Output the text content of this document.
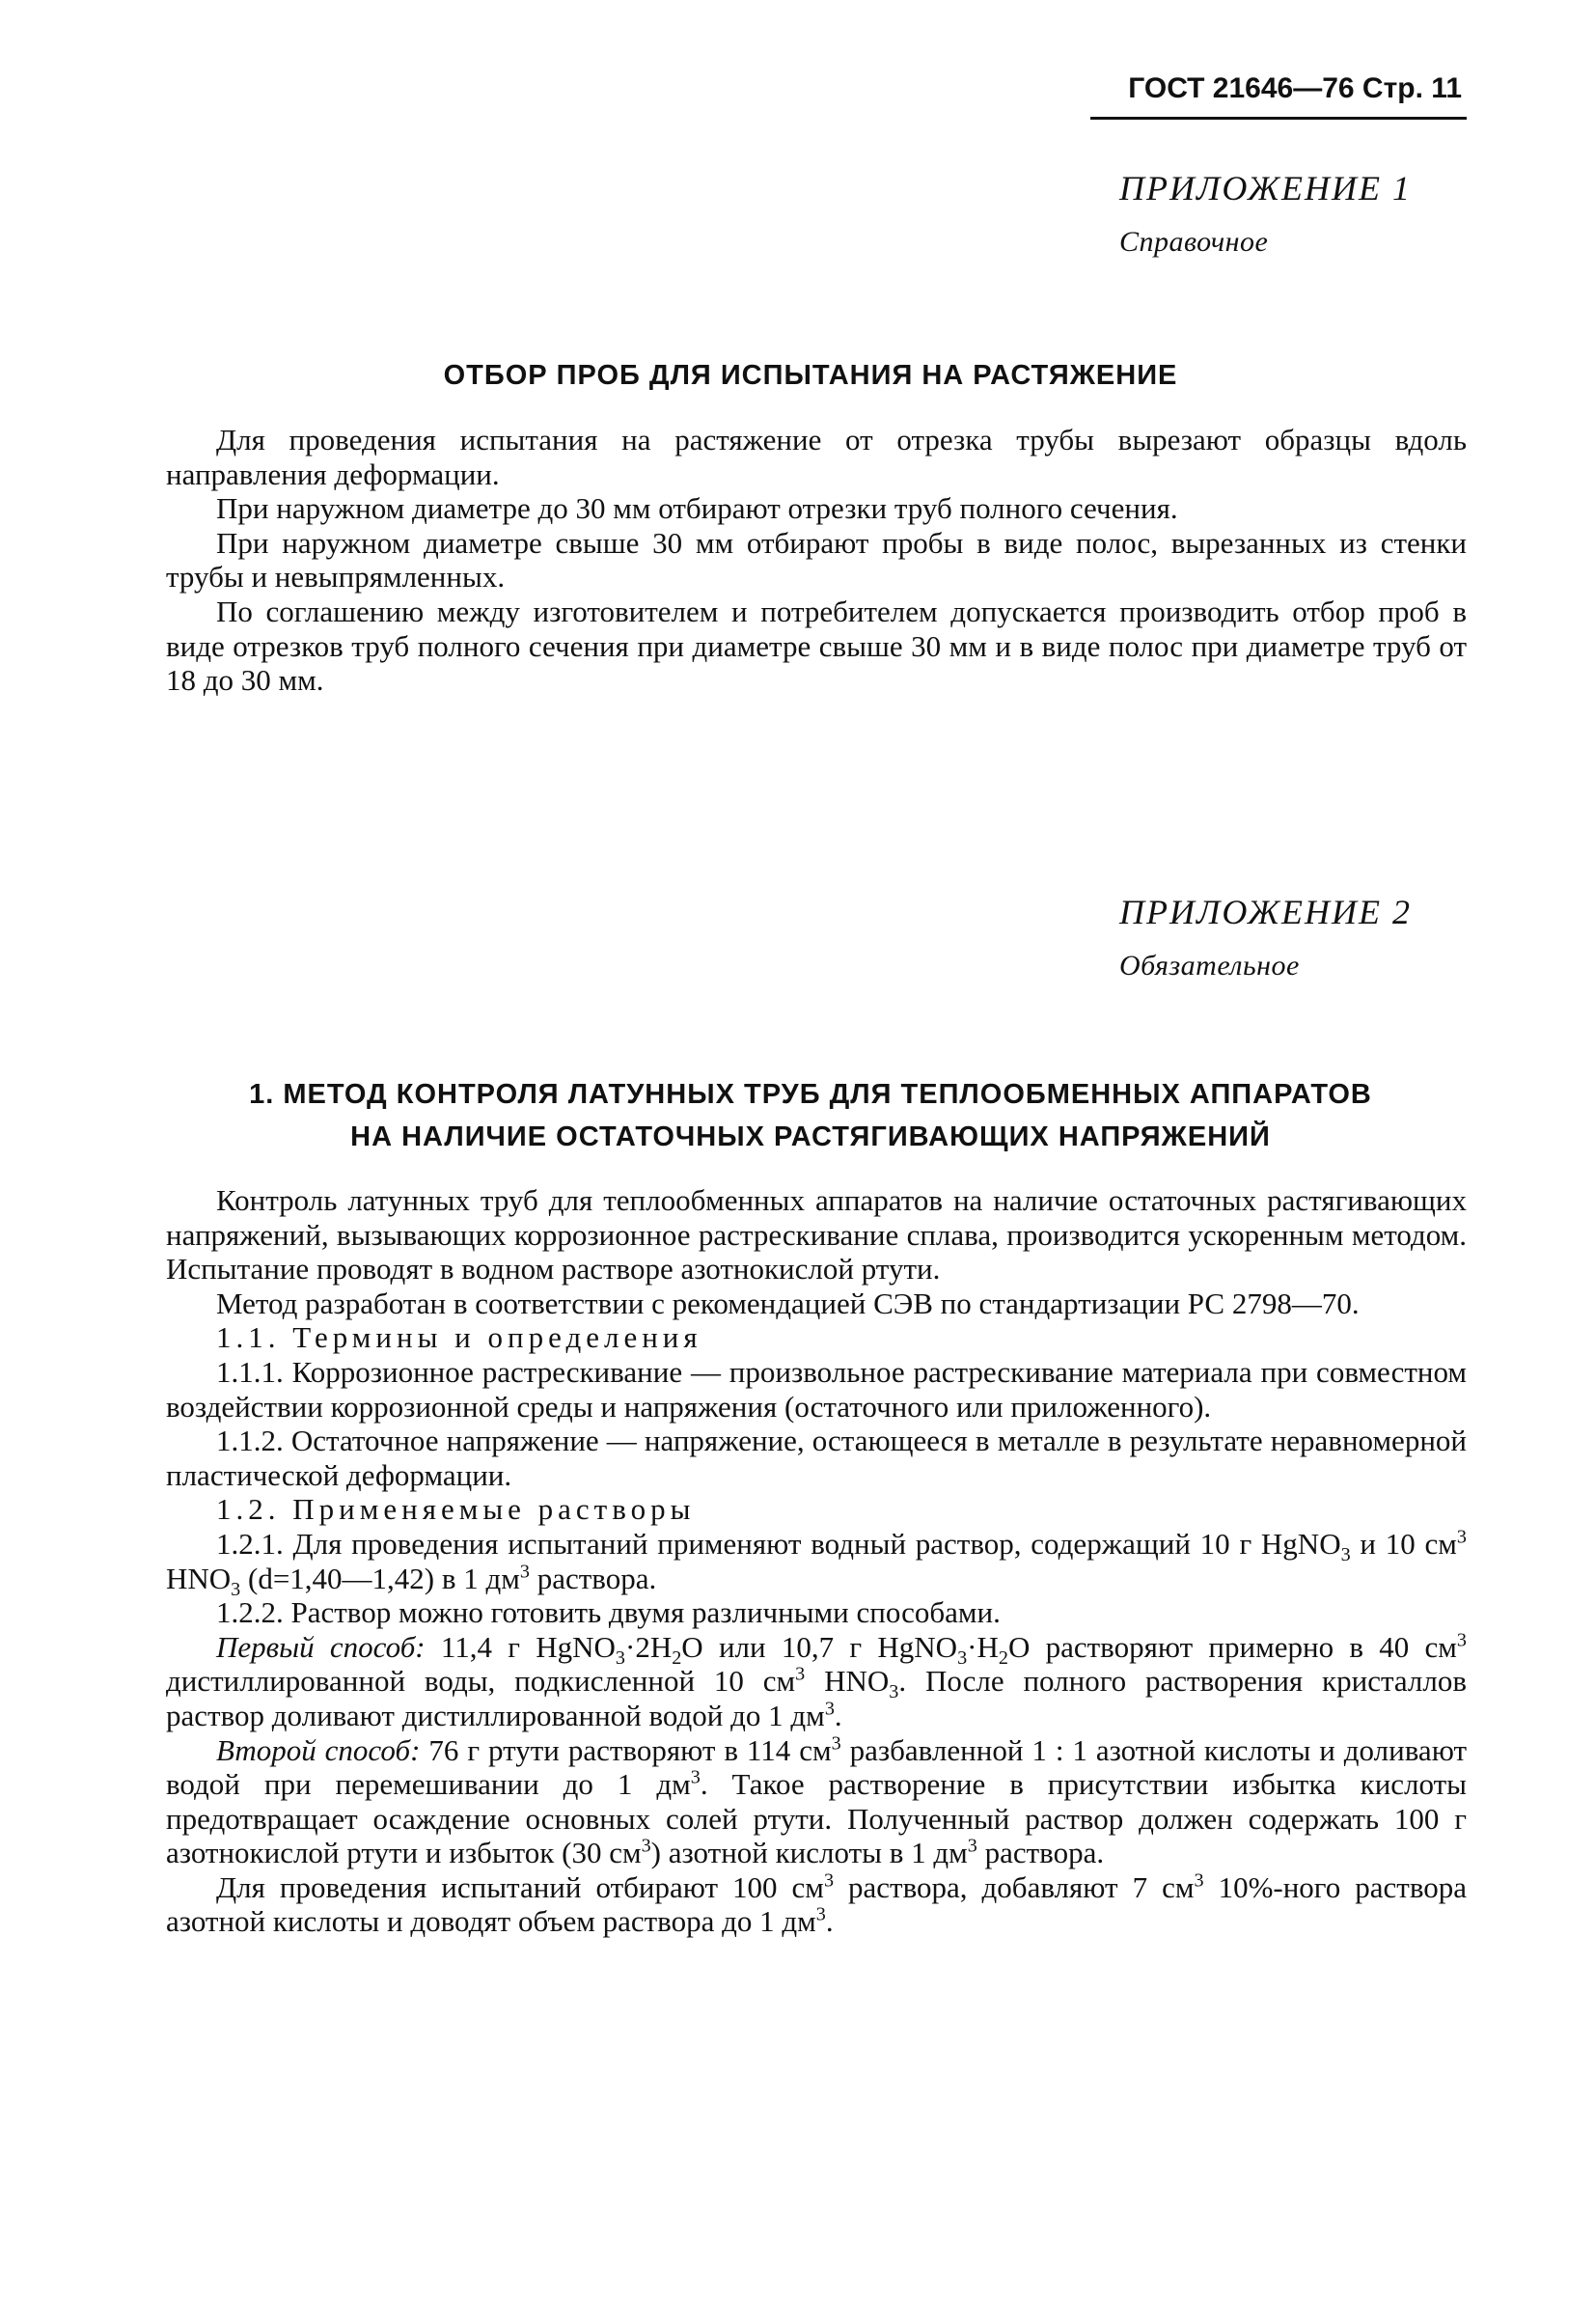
ГОСТ 21646—76 Стр. 11
ПРИЛОЖЕНИЕ 1
Справочное
ОТБОР ПРОБ ДЛЯ ИСПЫТАНИЯ НА РАСТЯЖЕНИЕ

Для проведения испытания на растяжение от отрезка трубы вырезают образцы вдоль направления деформации.

При наружном диаметре до 30 мм отбирают отрезки труб полного сечения.

При наружном диаметре свыше 30 мм отбирают пробы в виде полос, вырезанных из стенки трубы и невыпрямленных.

По соглашению между изготовителем и потребителем допускается производить отбор проб в виде отрезков труб полного сечения при диаметре свыше 30 мм и в виде полос при диаметре труб от 18 до 30 мм.

ПРИЛОЖЕНИЕ 2
Обязательное
1. МЕТОД КОНТРОЛЯ ЛАТУННЫХ ТРУБ ДЛЯ ТЕПЛООБМЕННЫХ АППАРАТОВ
НА НАЛИЧИЕ ОСТАТОЧНЫХ РАСТЯГИВАЮЩИХ НАПРЯЖЕНИЙ

Контроль латунных труб для теплообменных аппаратов на наличие остаточных растягивающих напряжений, вызывающих коррозионное растрескивание сплава, производится ускоренным методом. Испытание проводят в водном растворе азотнокислой ртути.

Метод разработан в соответствии с рекомендацией СЭВ по стандартизации РС 2798—70.

1.1. Термины и определения

1.1.1. Коррозионное растрескивание — произвольное растрескивание материала при совместном воздействии коррозионной среды и напряжения (остаточного или приложенного).

1.1.2. Остаточное напряжение — напряжение, остающееся в металле в результате неравномерной пластической деформации.

1.2. Применяемые растворы

1.2.1. Для проведения испытаний применяют водный раствор, содержащий 10 г HgNO$_3$ и 10 $см^3$ $HNO_3$ (d=1,40—1,42) в 1 $дм^3$ раствора.

1.2.2. Раствор можно готовить двумя различными способами.

Первый способ: 11,4 г $HgNO_3\cdot 2H_2O$ или 10,7 г $HgNO_3\cdot H_2O$ растворяют примерно в 40 $см^3$ дистиллированной воды, подкисленной 10 $см^3$ $HNO_3$. После полного растворения кристаллов раствор доливают дистиллированной водой до 1 $дм^3$.

Второй способ: 76 г ртути растворяют в 114 $см^3$ разбавленной 1 : 1 азотной кислоты и доливают водой при перемешивании до 1 $дм^3$. Такое растворение в присутствии избытка кислоты предотвращает осаждение основных солей ртути. Полученный раствор должен содержать 100 г азотнокислой ртути и избыток (30 $см^3$) азотной кислоты в 1 $дм^3$ раствора.

Для проведения испытаний отбирают 100 $см^3$ раствора, добавляют 7 $см^3$ 10%-ного раствора азотной кислоты и доводят объем раствора до 1 $дм^3$.
